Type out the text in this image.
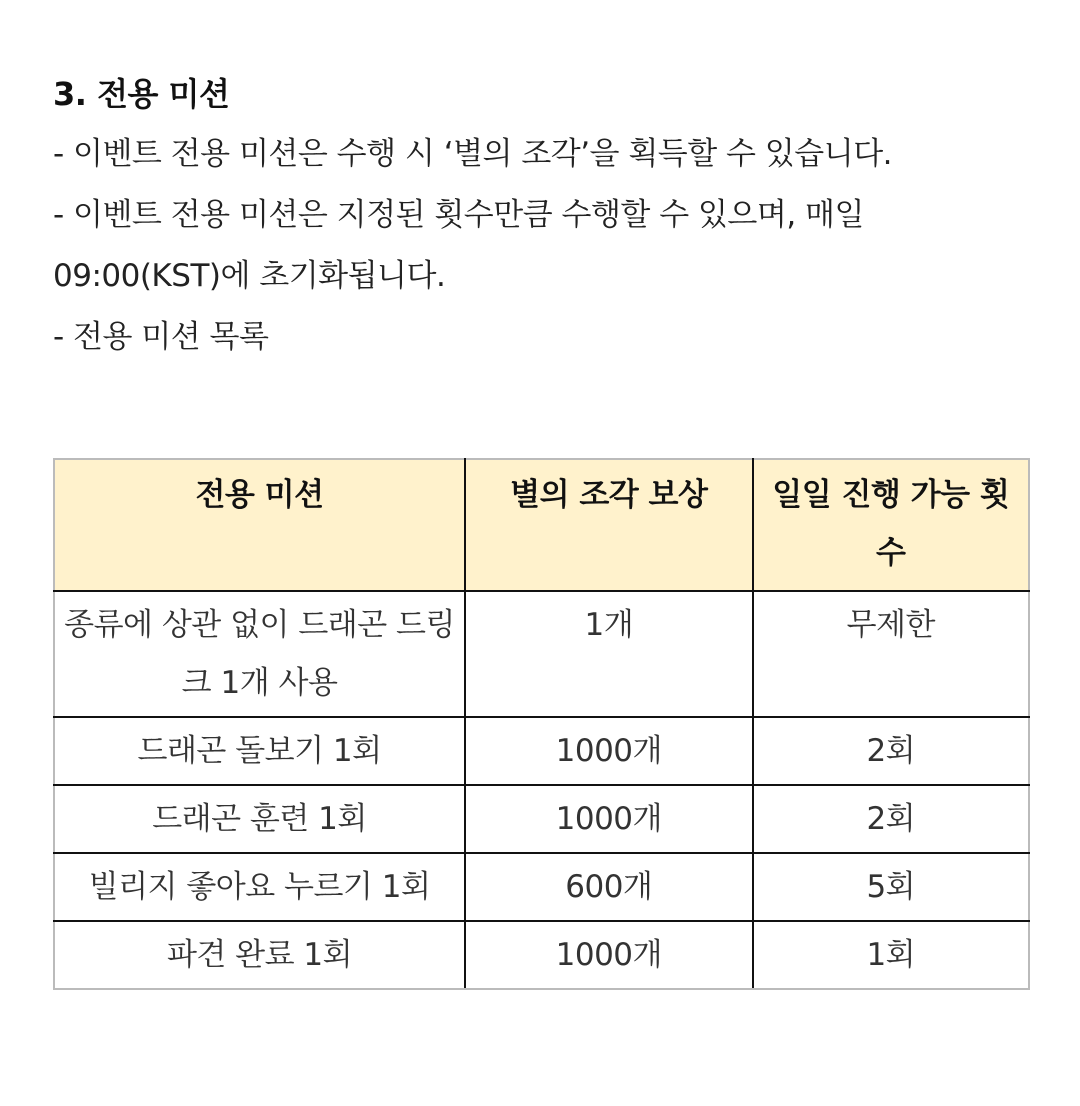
3. 전용 미션

- 이벤트 전용 미션은 수행 시 ‘별의 조각’을 획득할 수 있습니다.

- 이벤트 전용 미션은 지정된 횟수만큼 수행할 수 있으며, 매일

09:00(KST)에 초기화됩니다.

- 전용 미션 목록

전용 미션	별의 조각 보상	일일 진행 가능 횟수
종류에 상관 없이 드래곤 드링크 1개 사용	1개	무제한
드래곤 돌보기 1회	1000개	2회
드래곤 훈련 1회	1000개	2회
빌리지 좋아요 누르기 1회	600개	5회
파견 완료 1회	1000개	1회
